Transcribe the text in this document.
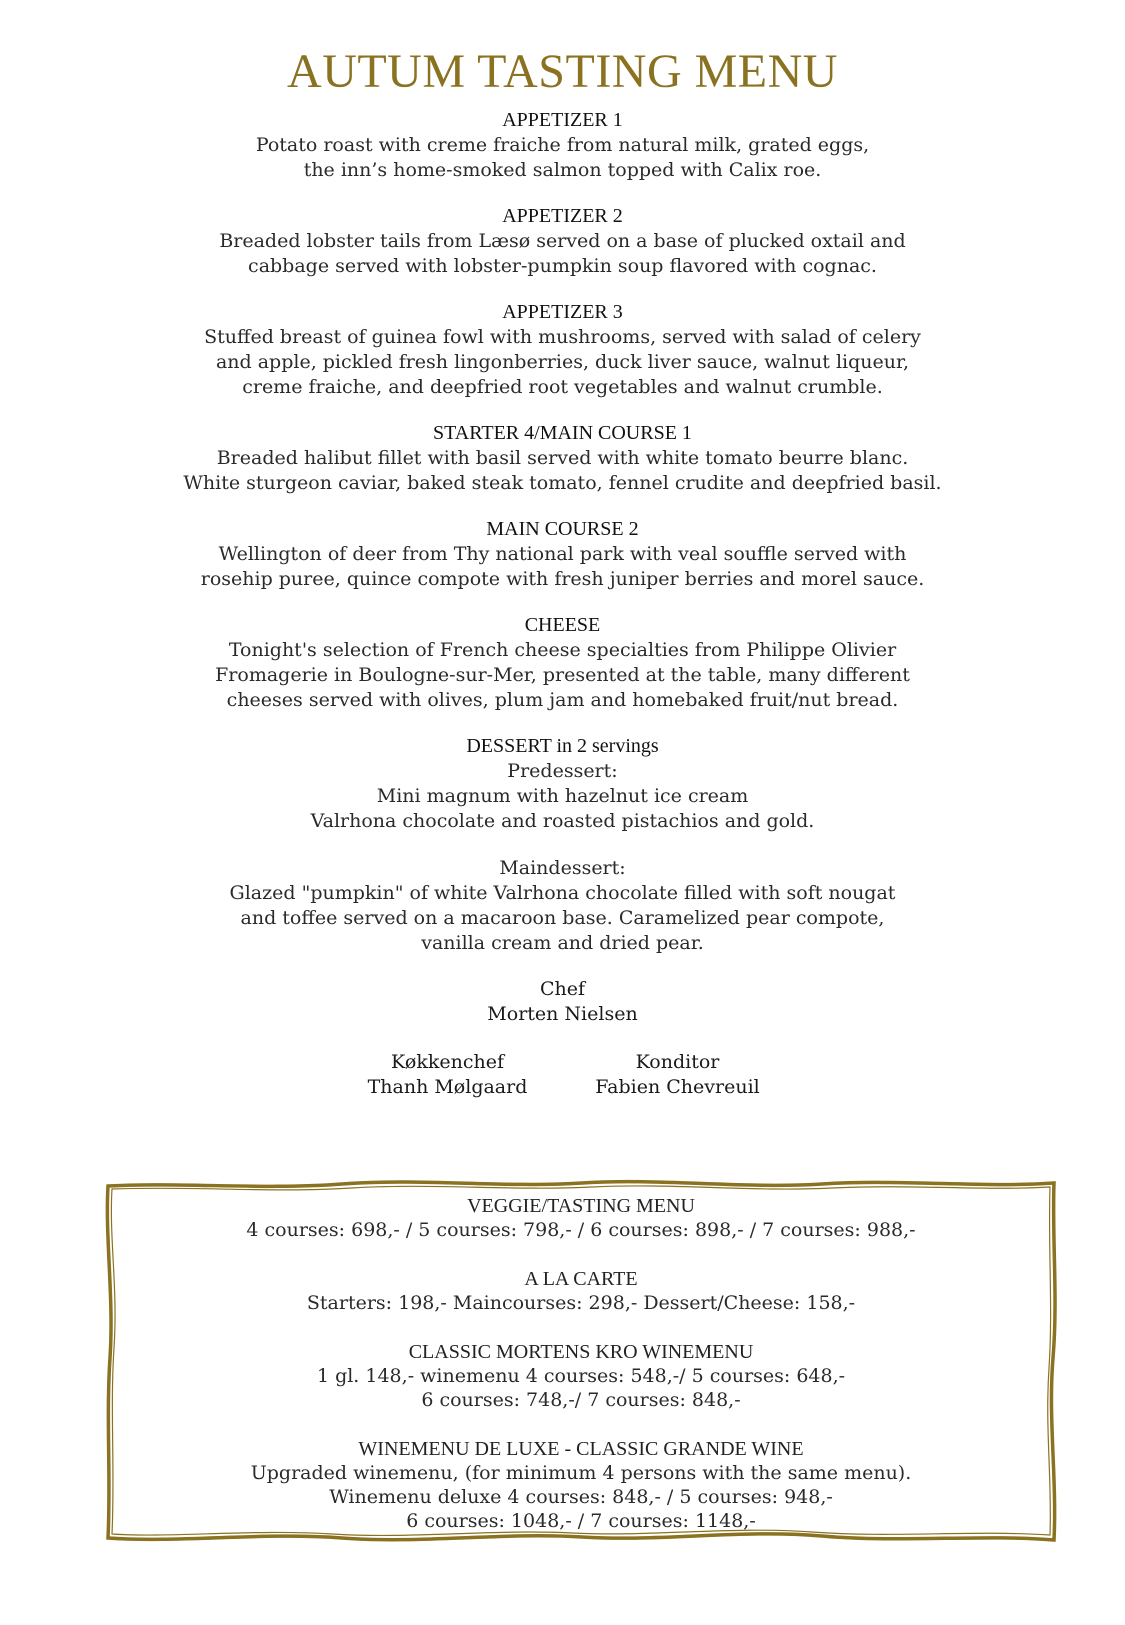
AUTUM TASTING MENU
APPETIZER 1
Potato roast with creme fraiche from natural milk, grated eggs,
the inn’s home-smoked salmon topped with Calix roe.
APPETIZER 2
Breaded lobster tails from Læsø served on a base of plucked oxtail and
cabbage served with lobster-pumpkin soup flavored with cognac.
APPETIZER 3
Stuffed breast of guinea fowl with mushrooms, served with salad of celery
and apple, pickled fresh lingonberries, duck liver sauce, walnut liqueur,
creme fraiche, and deepfried root vegetables and walnut crumble.
STARTER 4/MAIN COURSE 1
Breaded halibut fillet with basil served with white tomato beurre blanc.
White sturgeon caviar, baked steak tomato, fennel crudite and deepfried basil.
MAIN COURSE 2
Wellington of deer from Thy national park with veal souffle served with
rosehip puree, quince compote with fresh juniper berries and morel sauce.
CHEESE
Tonight's selection of French cheese specialties from Philippe Olivier
Fromagerie in Boulogne-sur-Mer, presented at the table, many different
cheeses served with olives, plum jam and homebaked fruit/nut bread.
DESSERT in 2 servings
Predessert:
Mini magnum with hazelnut ice cream
Valrhona chocolate and roasted pistachios and gold.
Maindessert:
Glazed "pumpkin" of white Valrhona chocolate filled with soft nougat
and toffee served on a macaroon base. Caramelized pear compote,
vanilla cream and dried pear.
Chef
Morten Nielsen
Køkkenchef
Thanh Mølgaard
Konditor
Fabien Chevreuil
VEGGIE/TASTING MENU
4 courses: 698,- / 5 courses: 798,- / 6 courses: 898,- / 7 courses: 988,-
A LA CARTE
Starters: 198,- Maincourses: 298,- Dessert/Cheese: 158,-
CLASSIC MORTENS KRO WINEMENU
1 gl. 148,- winemenu 4 courses: 548,-/ 5 courses: 648,-
6 courses: 748,-/ 7 courses: 848,-
WINEMENU DE LUXE - CLASSIC GRANDE WINE
Upgraded winemenu, (for minimum 4 persons with the same menu).
Winemenu deluxe 4 courses: 848,- / 5 courses: 948,-
6 courses: 1048,- / 7 courses: 1148,-
